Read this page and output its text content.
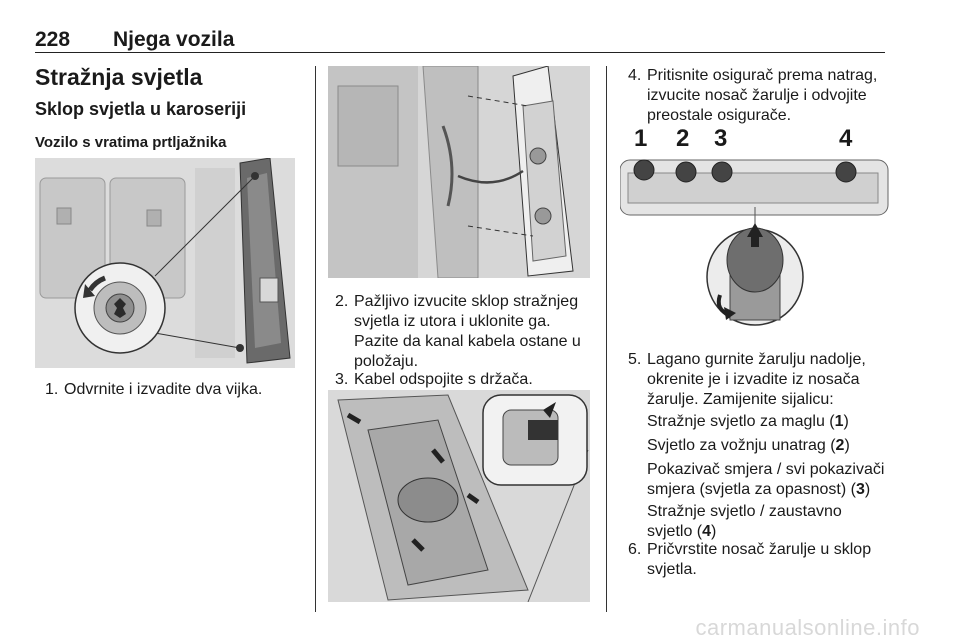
228 Njega vozila
Stražnja svjetla
Sklop svjetla u karoseriji
Vozilo s vratima prtljažnika
1. Odvrnite i izvadite dva vijka.
2. Pažljivo izvucite sklop stražnjeg svjetla iz utora i uklonite ga. Pazite da kanal kabela ostane u položaju.
3. Kabel odspojite s držača.
4. Pritisnite osigurač prema natrag, izvucite nosač žarulje i odvojite preostale osigurače.
1 2 3	4
5. Lagano gurnite žarulju nadolje, okrenite je i izvadite iz nosača žarulje. Zamijenite sijalicu:
Stražnje svjetlo za maglu (1)
Svjetlo za vožnju unatrag (2)
Pokazivač smjera / svi pokazivači smjera (svjetla za opasnost) (3)
Stražnje svjetlo / zaustavno svjetlo (4)
6. Pričvrstite nosač žarulje u sklop svjetla.
carmanualsonline.info
